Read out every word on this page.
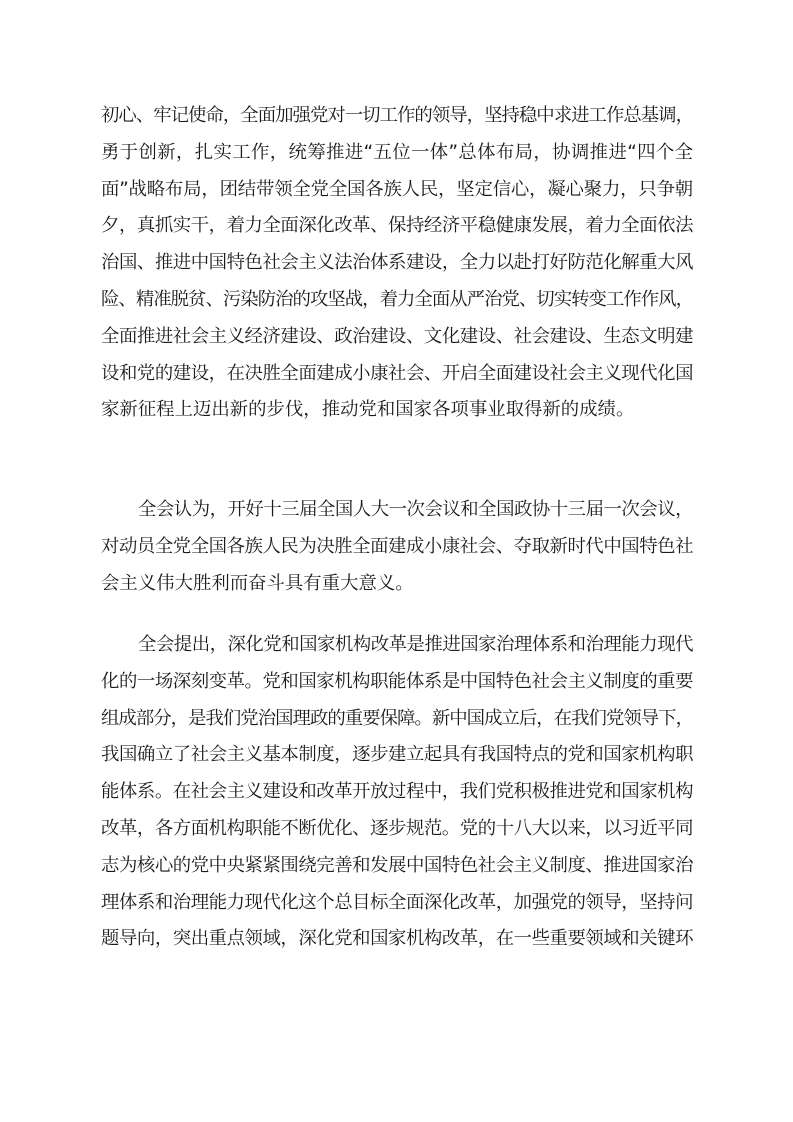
初心、牢记使命，全面加强党对一切工作的领导，坚持稳中求进工作总基调，
勇于创新，扎实工作，统筹推进“五位一体”总体布局，协调推进“四个全
面”战略布局，团结带领全党全国各族人民，坚定信心，凝心聚力，只争朝
夕，真抓实干，着力全面深化改革、保持经济平稳健康发展，着力全面依法
治国、推进中国特色社会主义法治体系建设，全力以赴打好防范化解重大风
险、精准脱贫、污染防治的攻坚战，着力全面从严治党、切实转变工作作风，
全面推进社会主义经济建设、政治建设、文化建设、社会建设、生态文明建
设和党的建设，在决胜全面建成小康社会、开启全面建设社会主义现代化国
家新征程上迈出新的步伐，推动党和国家各项事业取得新的成绩。
全会认为，开好十三届全国人大一次会议和全国政协十三届一次会议，
对动员全党全国各族人民为决胜全面建成小康社会、夺取新时代中国特色社
会主义伟大胜利而奋斗具有重大意义。
全会提出，深化党和国家机构改革是推进国家治理体系和治理能力现代
化的一场深刻变革。党和国家机构职能体系是中国特色社会主义制度的重要
组成部分，是我们党治国理政的重要保障。新中国成立后，在我们党领导下，
我国确立了社会主义基本制度，逐步建立起具有我国特点的党和国家机构职
能体系。在社会主义建设和改革开放过程中，我们党积极推进党和国家机构
改革，各方面机构职能不断优化、逐步规范。党的十八大以来，以习近平同
志为核心的党中央紧紧围绕完善和发展中国特色社会主义制度、推进国家治
理体系和治理能力现代化这个总目标全面深化改革，加强党的领导，坚持问
题导向，突出重点领域，深化党和国家机构改革，在一些重要领域和关键环
